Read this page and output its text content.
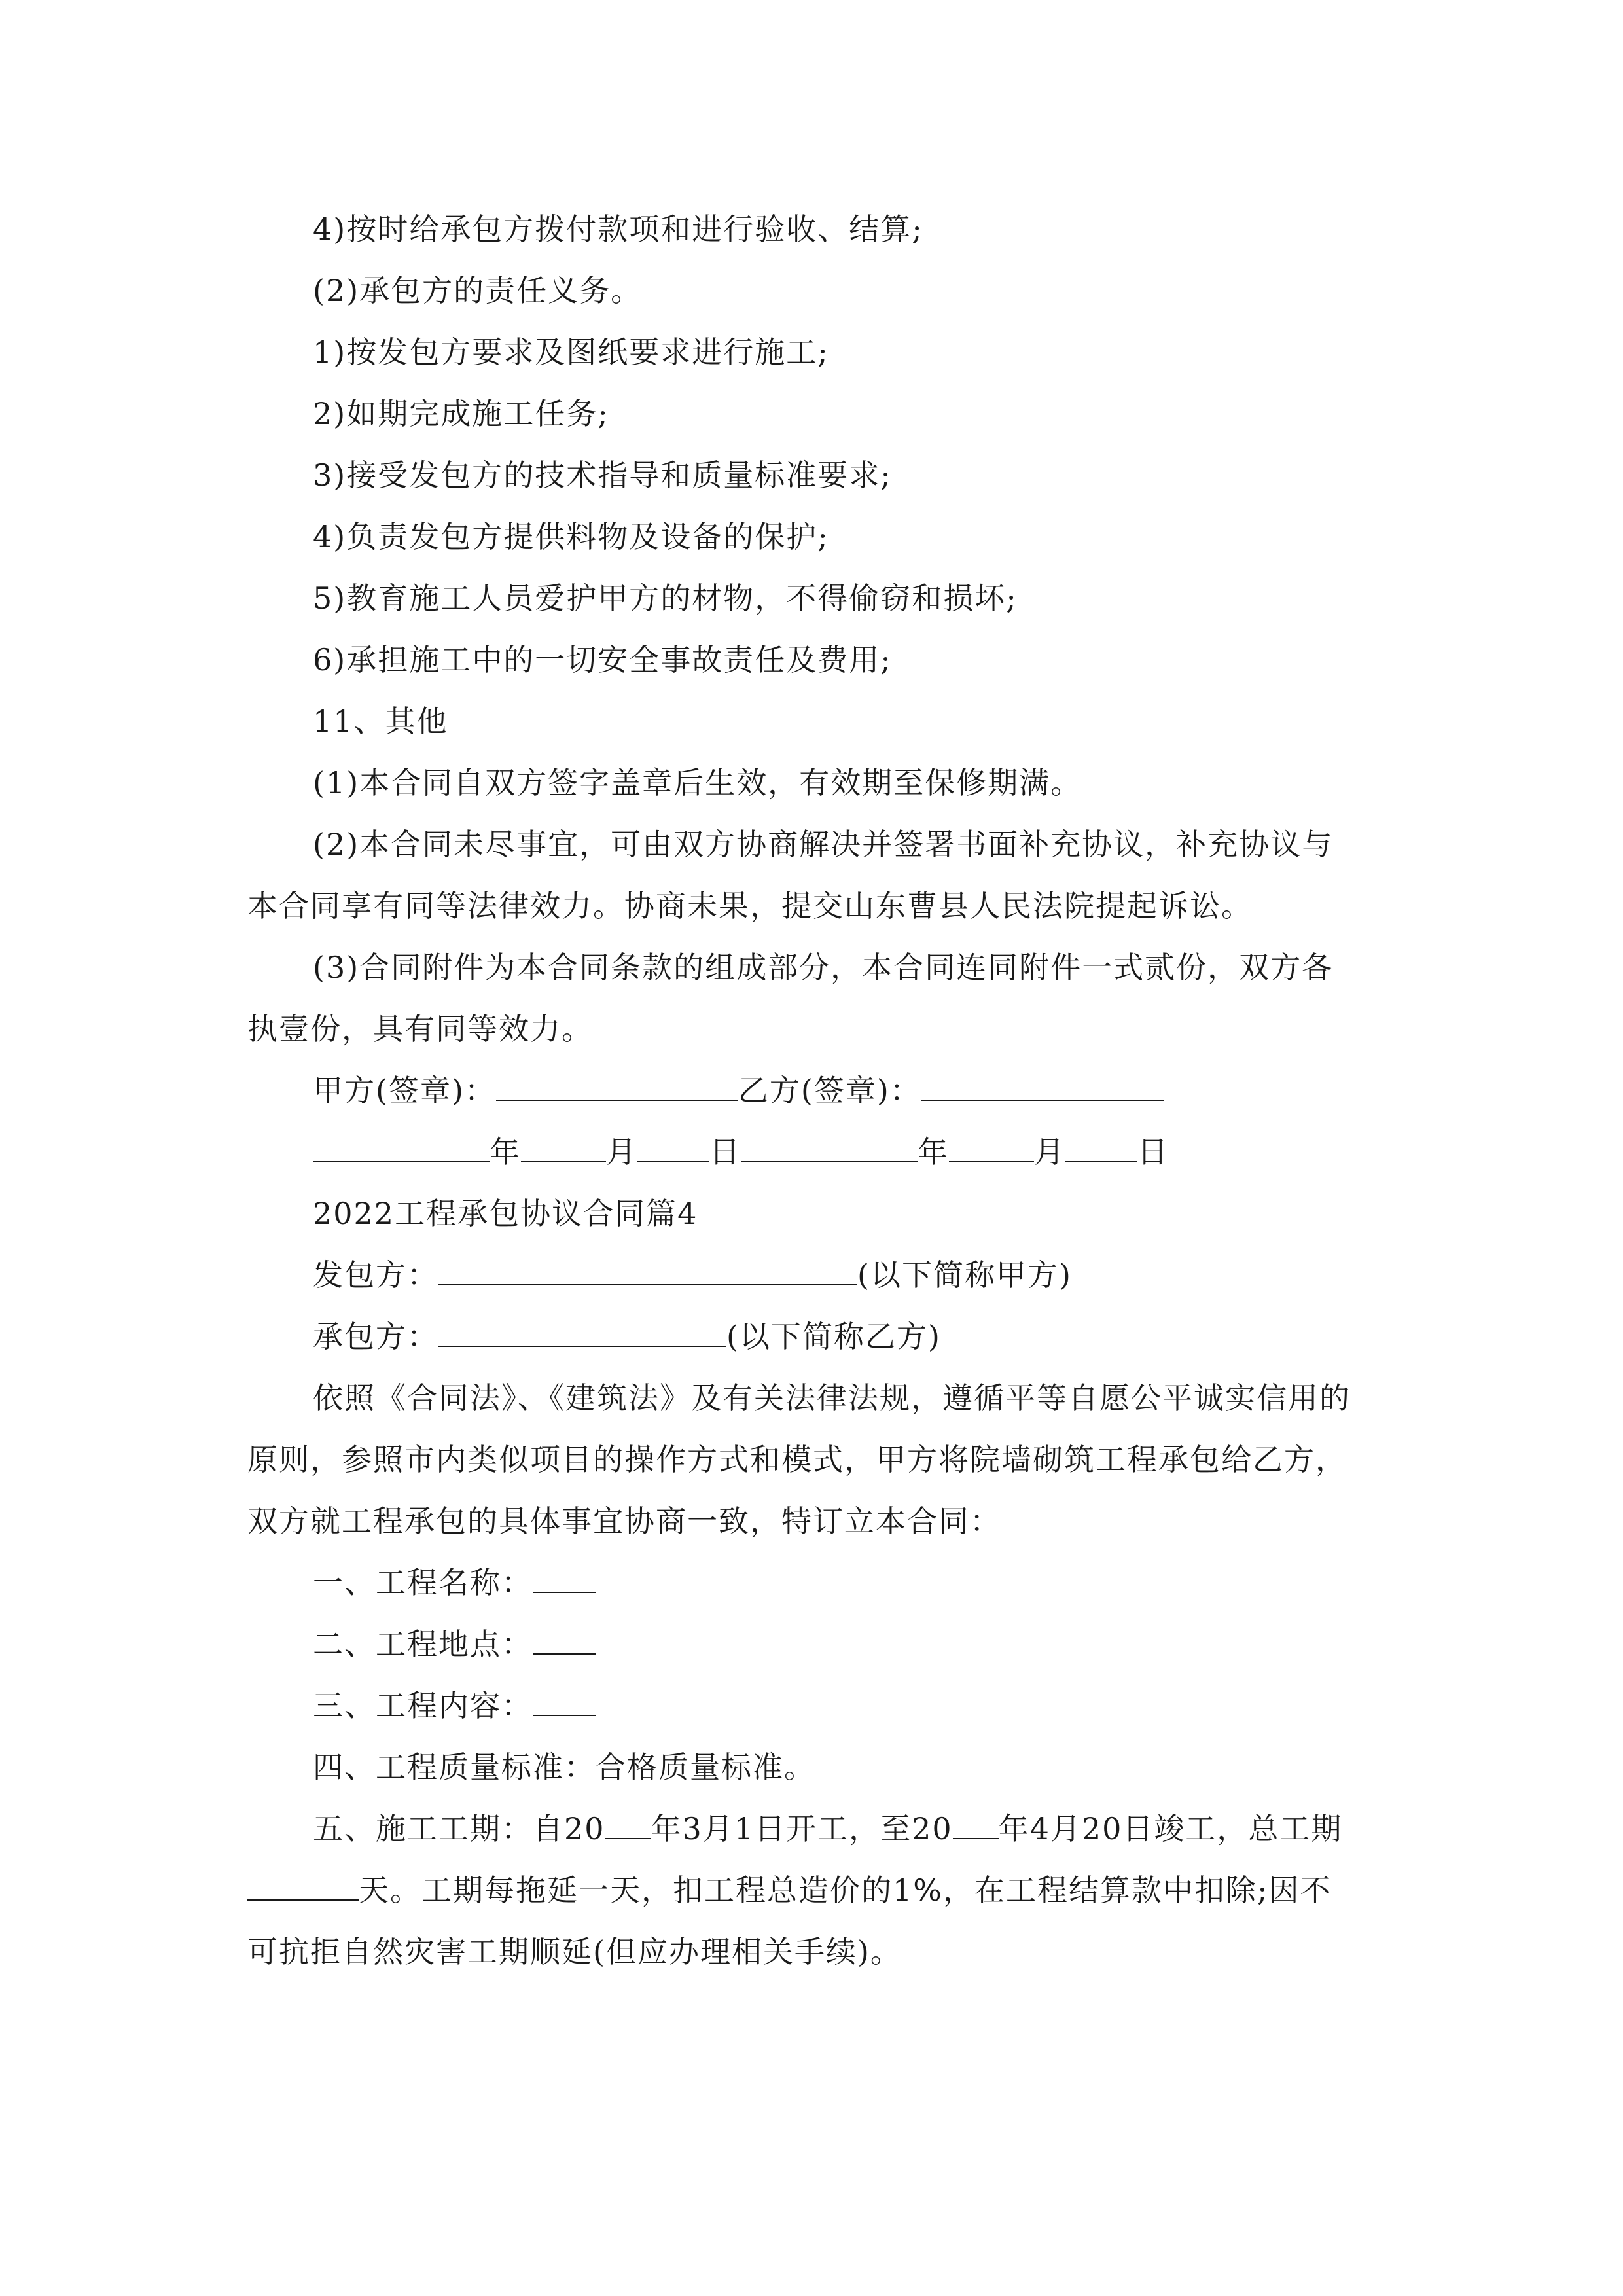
4)按时给承包方拨付款项和进行验收、结算;
(2)承包方的责任义务。
1)按发包方要求及图纸要求进行施工;
2)如期完成施工任务;
3)接受发包方的技术指导和质量标准要求;
4)负责发包方提供料物及设备的保护;
5)教育施工人员爱护甲方的材物，不得偷窃和损坏;
6)承担施工中的一切安全事故责任及费用;
11、其他
(1)本合同自双方签字盖章后生效，有效期至保修期满。
(2)本合同未尽事宜，可由双方协商解决并签署书面补充协议，补充协议与
本合同享有同等法律效力。协商未果，提交山东曹县人民法院提起诉讼。
(3)合同附件为本合同条款的组成部分，本合同连同附件一式贰份，双方各
执壹份，具有同等效力。
甲方(签章)：	乙方(签章)：
年	月 日	年	月 日
2022工程承包协议合同篇4
发包方：	(以下简称甲方)
承包方：	(以下简称乙方)
依照《合同法》、《建筑法》及有关法律法规，遵循平等自愿公平诚实信用的
原则，参照市内类似项目的操作方式和模式，甲方将院墙砌筑工程承包给乙方，
双方就工程承包的具体事宜协商一致，特订立本合同：
一、工程名称：
二、工程地点：
三、工程内容：
四、工程质量标准：合格质量标准。
五、施工工期：自20 年3月1日开工，至20 年4月20日竣工，总工期
天。工期每拖延一天，扣工程总造价的1%，在工程结算款中扣除;因不
可抗拒自然灾害工期顺延(但应办理相关手续)。
